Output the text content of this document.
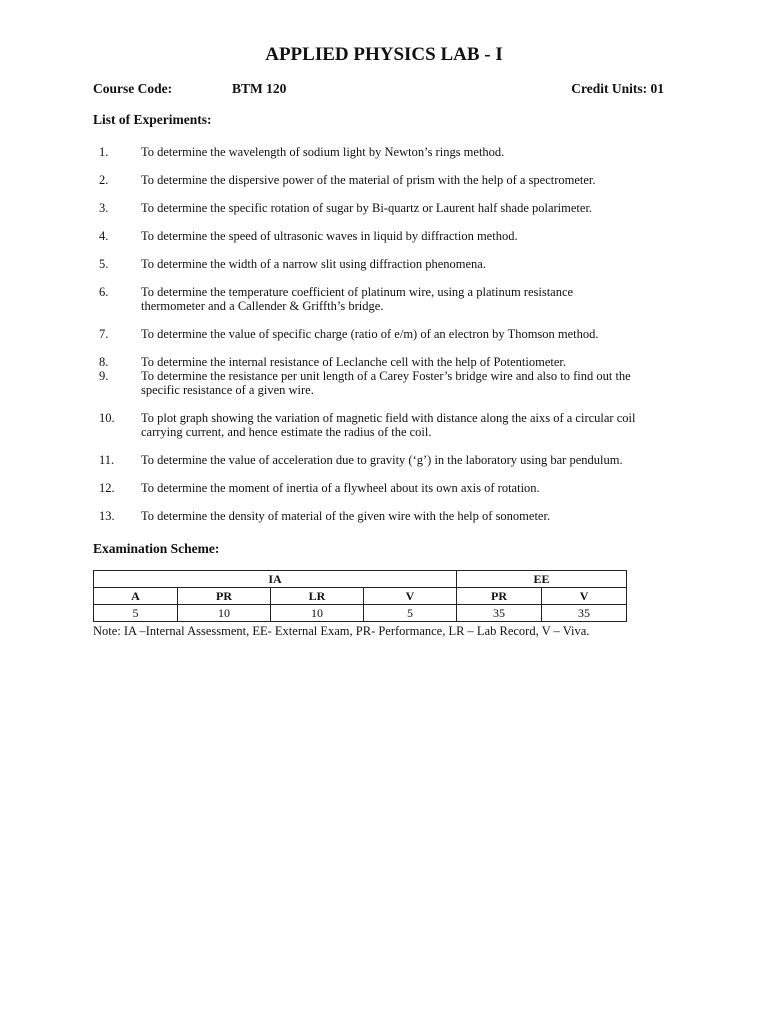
APPLIED PHYSICS LAB - I
Course Code:	BTM 120	Credit Units: 01
List of Experiments:
1.	To determine the wavelength of sodium light by Newton’s rings method.
2.	To determine the dispersive power of the material of prism with the help of a spectrometer.
3.	To determine the specific rotation of sugar by Bi-quartz or Laurent half shade polarimeter.
4.	To determine the speed of ultrasonic waves in liquid by diffraction method.
5.	To determine the width of a narrow slit using diffraction phenomena.
6.	To determine the temperature coefficient of platinum wire, using a platinum resistance
thermometer and a Callender & Griffth’s bridge.
7.	To determine the value of specific charge (ratio of e/m) of an electron by Thomson method.
8.	To determine the internal resistance of Leclanche cell with the help of Potentiometer.
9.	To determine the resistance per unit length of a Carey Foster’s bridge wire and also to find out the
specific resistance of a given wire.
10. To plot graph showing the variation of magnetic field with distance along the aixs of a circular coil
carrying current, and hence estimate the radius of the coil.
11. To determine the value of acceleration due to gravity (‘g’) in the laboratory using bar pendulum.
12. To determine the moment of inertia of a flywheel about its own axis of rotation.
13. To determine the density of material of the given wire with the help of sonometer.
Examination Scheme:
IA				EE	
A	PR	LR	V	PR	V
5	10	10	5	35	35
Note: IA –Internal Assessment, EE- External Exam, PR- Performance, LR – Lab Record, V – Viva.
